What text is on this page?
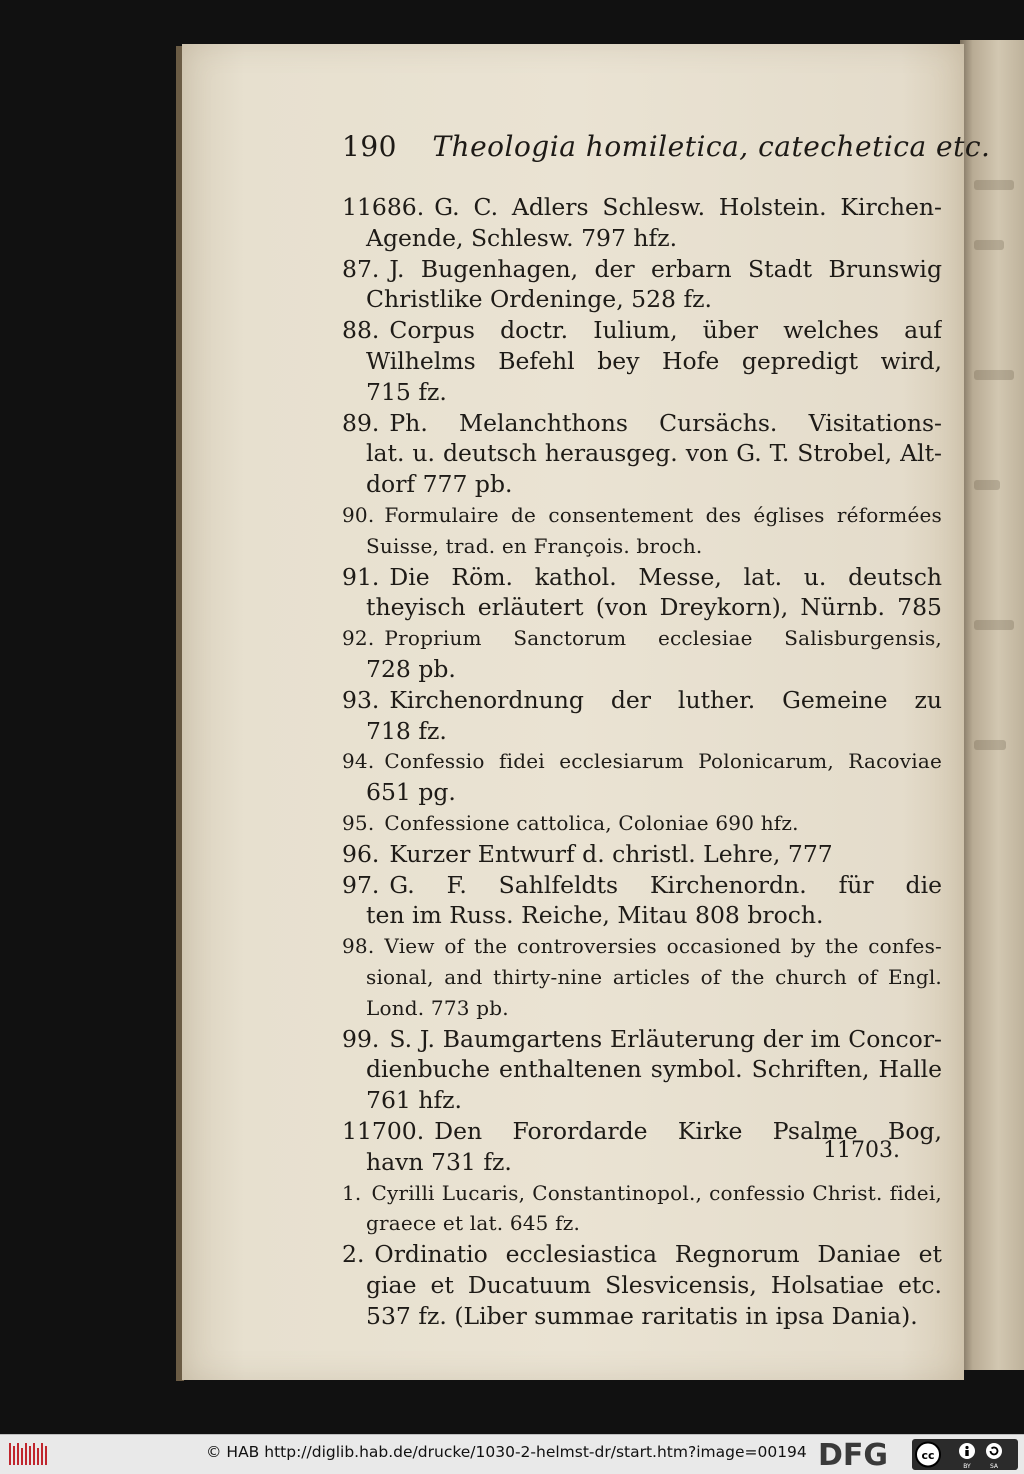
190 Theologia homiletica, catechetica etc.
11686. G. C. Adlers Schlesw. Holstein. Kirchen-
Agende, Schlesw. 797 hfz.
87. J. Bugenhagen, der erbarn Stadt Brunswig
Christlike Ordeninge, 528 fz.
88. Corpus doctr. Iulium, über welches auf
Wilhelms Befehl bey Hofe gepredigt wird,
715 fz.
89. Ph. Melanchthons Cursächs. Visitations-
lat. u. deutsch herausgeg. von G. T. Strobel, Alt-
dorf 777 pb.
90. Formulaire de consentement des églises réformées
Suisse, trad. en François. broch.
91. Die Röm. kathol. Messe, lat. u. deutsch
theyisch erläutert (von Dreykorn), Nürnb. 785
92. Proprium Sanctorum ecclesiae Salisburgensis,
728 pb.
93. Kirchenordnung der luther. Gemeine zu
718 fz.
94. Confessio fidei ecclesiarum Polonicarum, Racoviae
651 pg.
95. Confessione cattolica, Coloniae 690 hfz.
96. Kurzer Entwurf d. christl. Lehre, 777
97. G. F. Sahlfeldts Kirchenordn. für die
ten im Russ. Reiche, Mitau 808 broch.
98. View of the controversies occasioned by the confes-
sional, and thirty-nine articles of the church of Engl.
Lond. 773 pb.
99. S. J. Baumgartens Erläuterung der im Concor-
dienbuche enthaltenen symbol. Schriften, Halle
761 hfz.
11700. Den Forordarde Kirke Psalme Bog,
havn 731 fz.
1. Cyrilli Lucaris, Constantinopol., confessio Christ. fidei,
graece et lat. 645 fz.
2. Ordinatio ecclesiastica Regnorum Daniae et
giae et Ducatuum Slesvicensis, Holsatiae etc.
537 fz. (Liber summae raritatis in ipsa Dania).
11703.
© HAB http://diglib.hab.de/drucke/1030-2-helmst-dr/start.htm?image=00194 DFG	cc
BY	SA
